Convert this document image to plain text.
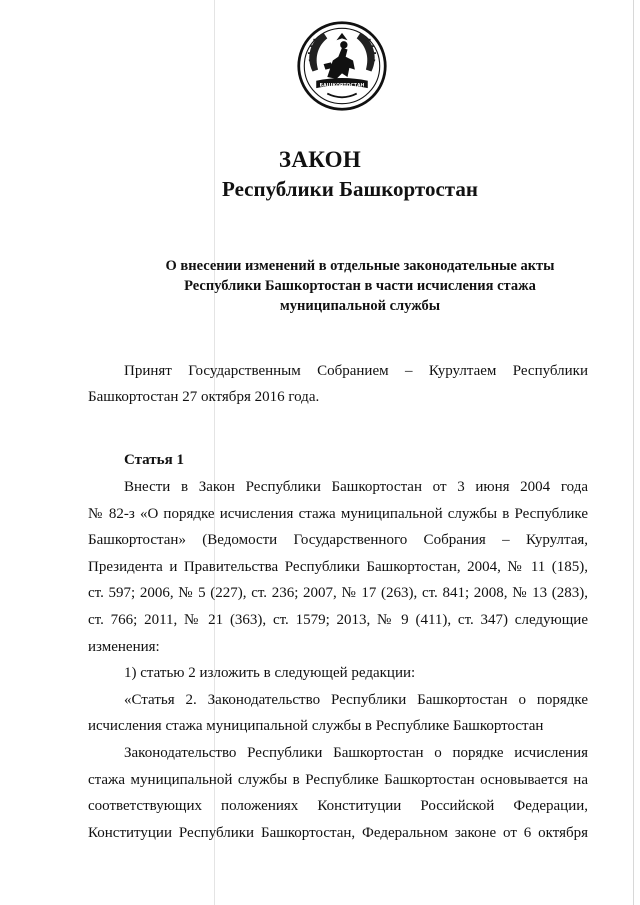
БАШКОРТОСТАН
ЗАКОН
Республики Башкортостан
О внесении изменений в отдельные законодательные акты
Республики Башкортостан в части исчисления стажа
муниципальной службы
Принят Государственным Собранием – Курултаем Республики
Башкортостан 27 октября 2016 года.
Статья 1
Внести в Закон Республики Башкортостан от 3 июня 2004 года
№ 82-з «О порядке исчисления стажа муниципальной службы в Республике
Башкортостан» (Ведомости Государственного Собрания – Курултая,
Президента и Правительства Республики Башкортостан, 2004, № 11 (185),
ст. 597; 2006, № 5 (227), ст. 236; 2007, № 17 (263), ст. 841; 2008, № 13 (283),
ст. 766; 2011, № 21 (363), ст. 1579; 2013, № 9 (411), ст. 347) следующие
изменения:
1) статью 2 изложить в следующей редакции:
«Статья 2. Законодательство Республики Башкортостан о порядке
исчисления стажа муниципальной службы в Республике Башкортостан
Законодательство Республики Башкортостан о порядке исчисления
стажа муниципальной службы в Республике Башкортостан основывается на
соответствующих положениях Конституции Российской Федерации,
Конституции Республики Башкортостан, Федеральном законе от 6 октября
